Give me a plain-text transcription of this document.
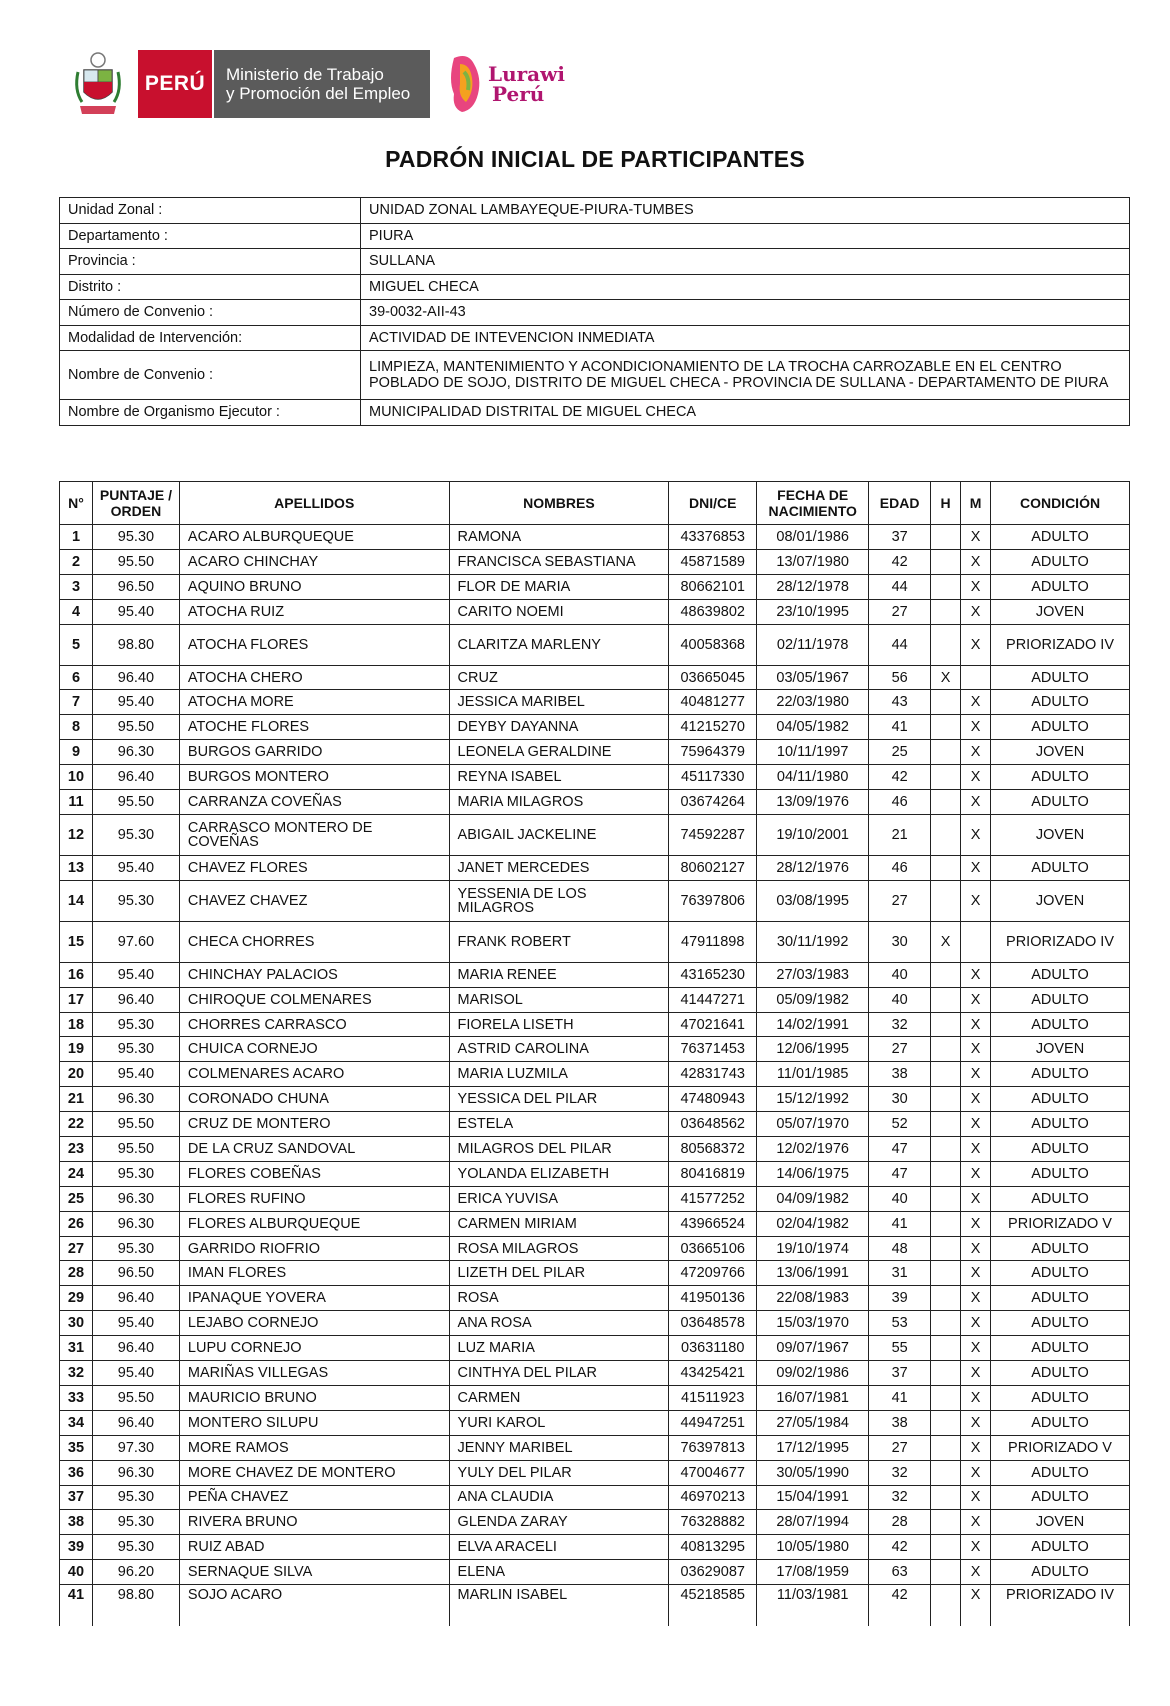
PERÚ Ministerio de Trabajo
y Promoción del Empleo
Lurawi
Perú
PADRÓN INICIAL DE PARTICIPANTES
Unidad Zonal :	UNIDAD ZONAL LAMBAYEQUE-PIURA-TUMBES
Departamento :	PIURA
Provincia :	SULLANA
Distrito :	MIGUEL CHECA
Número de Convenio :	39-0032-AII-43
Modalidad de Intervención:	ACTIVIDAD DE INTEVENCION INMEDIATA
Nombre de Convenio :	LIMPIEZA, MANTENIMIENTO Y ACONDICIONAMIENTO DE LA TROCHA CARROZABLE EN EL CENTRO POBLADO DE SOJO, DISTRITO DE MIGUEL CHECA - PROVINCIA DE SULLANA - DEPARTAMENTO DE PIURA
Nombre de Organismo Ejecutor :	MUNICIPALIDAD DISTRITAL DE MIGUEL CHECA
N°	PUNTAJE / ORDEN	APELLIDOS	NOMBRES	DNI/CE	FECHA DE NACIMIENTO	EDAD	H	M	CONDICIÓN
1	95.30	ACARO ALBURQUEQUE	RAMONA	43376853	08/01/1986	37		X	ADULTO
2	95.50	ACARO CHINCHAY	FRANCISCA SEBASTIANA	45871589	13/07/1980	42		X	ADULTO
3	96.50	AQUINO BRUNO	FLOR DE MARIA	80662101	28/12/1978	44		X	ADULTO
4	95.40	ATOCHA RUIZ	CARITO NOEMI	48639802	23/10/1995	27		X	JOVEN
5	98.80	ATOCHA FLORES	CLARITZA MARLENY	40058368	02/11/1978	44		X	PRIORIZADO IV
6	96.40	ATOCHA CHERO	CRUZ	03665045	03/05/1967	56	X		ADULTO
7	95.40	ATOCHA MORE	JESSICA MARIBEL	40481277	22/03/1980	43		X	ADULTO
8	95.50	ATOCHE FLORES	DEYBY DAYANNA	41215270	04/05/1982	41		X	ADULTO
9	96.30	BURGOS GARRIDO	LEONELA GERALDINE	75964379	10/11/1997	25		X	JOVEN
10	96.40	BURGOS MONTERO	REYNA ISABEL	45117330	04/11/1980	42		X	ADULTO
11	95.50	CARRANZA COVEÑAS	MARIA MILAGROS	03674264	13/09/1976	46		X	ADULTO
12	95.30	CARRASCO MONTERO DE COVEÑAS	ABIGAIL JACKELINE	74592287	19/10/2001	21		X	JOVEN
13	95.40	CHAVEZ FLORES	JANET MERCEDES	80602127	28/12/1976	46		X	ADULTO
14	95.30	CHAVEZ CHAVEZ	YESSENIA DE LOS MILAGROS	76397806	03/08/1995	27		X	JOVEN
15	97.60	CHECA CHORRES	FRANK ROBERT	47911898	30/11/1992	30	X		PRIORIZADO IV
16	95.40	CHINCHAY PALACIOS	MARIA RENEE	43165230	27/03/1983	40		X	ADULTO
17	96.40	CHIROQUE COLMENARES	MARISOL	41447271	05/09/1982	40		X	ADULTO
18	95.30	CHORRES CARRASCO	FIORELA LISETH	47021641	14/02/1991	32		X	ADULTO
19	95.30	CHUICA CORNEJO	ASTRID CAROLINA	76371453	12/06/1995	27		X	JOVEN
20	95.40	COLMENARES ACARO	MARIA LUZMILA	42831743	11/01/1985	38		X	ADULTO
21	96.30	CORONADO CHUNA	YESSICA DEL PILAR	47480943	15/12/1992	30		X	ADULTO
22	95.50	CRUZ DE MONTERO	ESTELA	03648562	05/07/1970	52		X	ADULTO
23	95.50	DE LA CRUZ SANDOVAL	MILAGROS DEL PILAR	80568372	12/02/1976	47		X	ADULTO
24	95.30	FLORES COBEÑAS	YOLANDA ELIZABETH	80416819	14/06/1975	47		X	ADULTO
25	96.30	FLORES RUFINO	ERICA YUVISA	41577252	04/09/1982	40		X	ADULTO
26	96.30	FLORES ALBURQUEQUE	CARMEN MIRIAM	43966524	02/04/1982	41		X	PRIORIZADO V
27	95.30	GARRIDO RIOFRIO	ROSA MILAGROS	03665106	19/10/1974	48		X	ADULTO
28	96.50	IMAN FLORES	LIZETH DEL PILAR	47209766	13/06/1991	31		X	ADULTO
29	96.40	IPANAQUE YOVERA	ROSA	41950136	22/08/1983	39		X	ADULTO
30	95.40	LEJABO CORNEJO	ANA ROSA	03648578	15/03/1970	53		X	ADULTO
31	96.40	LUPU CORNEJO	LUZ MARIA	03631180	09/07/1967	55		X	ADULTO
32	95.40	MARIÑAS VILLEGAS	CINTHYA DEL PILAR	43425421	09/02/1986	37		X	ADULTO
33	95.50	MAURICIO BRUNO	CARMEN	41511923	16/07/1981	41		X	ADULTO
34	96.40	MONTERO SILUPU	YURI KAROL	44947251	27/05/1984	38		X	ADULTO
35	97.30	MORE RAMOS	JENNY MARIBEL	76397813	17/12/1995	27		X	PRIORIZADO V
36	96.30	MORE CHAVEZ DE MONTERO	YULY DEL PILAR	47004677	30/05/1990	32		X	ADULTO
37	95.30	PEÑA CHAVEZ	ANA CLAUDIA	46970213	15/04/1991	32		X	ADULTO
38	95.30	RIVERA BRUNO	GLENDA ZARAY	76328882	28/07/1994	28		X	JOVEN
39	95.30	RUIZ ABAD	ELVA ARACELI	40813295	10/05/1980	42		X	ADULTO
40	96.20	SERNAQUE SILVA	ELENA	03629087	17/08/1959	63		X	ADULTO
41	98.80	SOJO ACARO	MARLIN ISABEL	45218585	11/03/1981	42		X	PRIORIZADO IV
